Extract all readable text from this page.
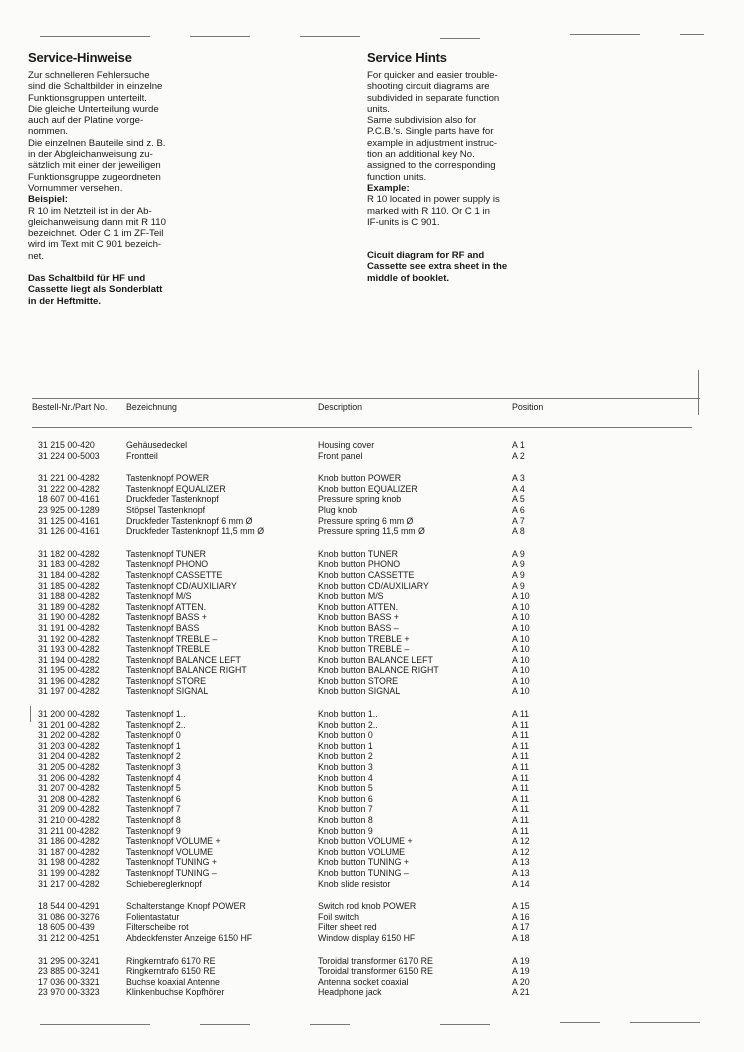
Service-Hinweise

Zur schnelleren Fehlersuche

sind die Schaltbilder in einzelne

Funktionsgruppen unterteilt.

Die gleiche Unterteilung wurde

auch auf der Platine vorge-

nommen.

Die einzelnen Bauteile sind z. B.

in der Abgleichanweisung zu-

sätzlich mit einer der jeweiligen

Funktionsgruppe zugeordneten

Vornummer versehen.

Beispiel:

R 10 im Netzteil ist in der Ab-

gleichanweisung dann mit R 110

bezeichnet. Oder C 1 im ZF-Teil

wird im Text mit C 901 bezeich-

net.

Das Schaltbild für HF und

Cassette liegt als Sonderblatt

in der Heftmitte.

Service Hints

For quicker and easier trouble-

shooting circuit diagrams are

subdivided in separate function

units.

Same subdivision also for

P.C.B.'s. Single parts have for

example in adjustment instruc-

tion an additional key No.

assigned to the corresponding

function units.

Example:

R 10 located in power supply is

marked with R 110. Or C 1 in

IF-units is C 901.

Cicuit diagram for RF and

Cassette see extra sheet in the

middle of booklet.

Bestell-Nr./Part No.	Bezeichnung	Description	Position

31 215 00-420	Gehäusedeckel	Housing cover	A 1
31 224 00-5003	Frontteil	Front panel	A 2

31 221 00-4282	Tastenknopf POWER	Knob button POWER	A 3
31 222 00-4282	Tastenknopf EQUALIZER	Knob button EQUALIZER	A 4
18 607 00-4161	Druckfeder Tastenknopf	Pressure spring knob	A 5
23 925 00-1289	Stöpsel Tastenknopf	Plug knob	A 6
31 125 00-4161	Druckfeder Tastenknopf 6 mm Ø	Pressure spring 6 mm Ø	A 7
31 126 00-4161	Druckfeder Tastenknopf 11,5 mm Ø	Pressure spring 11,5 mm Ø	A 8

31 182 00-4282	Tastenknopf TUNER	Knob button TUNER	A 9
31 183 00-4282	Tastenknopf PHONO	Knob button PHONO	A 9
31 184 00-4282	Tastenknopf CASSETTE	Knob button CASSETTE	A 9
31 185 00-4282	Tastenknopf CD/AUXILIARY	Knob button CD/AUXILIARY	A 9
31 188 00-4282	Tastenknopf M/S	Knob button M/S	A 10
31 189 00-4282	Tastenknopf ATTEN.	Knob button ATTEN.	A 10
31 190 00-4282	Tastenknopf BASS +	Knob button BASS +	A 10
31 191 00-4282	Tastenknopf BASS	Knob button BASS –	A 10
31 192 00-4282	Tastenknopf TREBLE –	Knob button TREBLE +	A 10
31 193 00-4282	Tastenknopf TREBLE	Knob button TREBLE –	A 10
31 194 00-4282	Tastenknopf BALANCE LEFT	Knob button BALANCE LEFT	A 10
31 195 00-4282	Tastenknopf BALANCE RIGHT	Knob button BALANCE RIGHT	A 10
31 196 00-4282	Tastenknopf STORE	Knob button STORE	A 10
31 197 00-4282	Tastenknopf SIGNAL	Knob button SIGNAL	A 10

31 200 00-4282	Tastenknopf 1..	Knob button 1..	A 11
31 201 00-4282	Tastenknopf 2..	Knob button 2..	A 11
31 202 00-4282	Tastenknopf 0	Knob button 0	A 11
31 203 00-4282	Tastenknopf 1	Knob button 1	A 11
31 204 00-4282	Tastenknopf 2	Knob button 2	A 11
31 205 00-4282	Tastenknopf 3	Knob button 3	A 11
31 206 00-4282	Tastenknopf 4	Knob button 4	A 11
31 207 00-4282	Tastenknopf 5	Knob button 5	A 11
31 208 00-4282	Tastenknopf 6	Knob button 6	A 11
31 209 00-4282	Tastenknopf 7	Knob button 7	A 11
31 210 00-4282	Tastenknopf 8	Knob button 8	A 11
31 211 00-4282	Tastenknopf 9	Knob button 9	A 11
31 186 00-4282	Tastenknopf VOLUME +	Knob button VOLUME +	A 12
31 187 00-4282	Tastenknopf VOLUME	Knob button VOLUME	A 12
31 198 00-4282	Tastenknopf TUNING +	Knob button TUNING +	A 13
31 199 00-4282	Tastenknopf TUNING –	Knob button TUNING –	A 13
31 217 00-4282	Schiebereglerknopf	Knob slide resistor	A 14

18 544 00-4291	Schalterstange Knopf POWER	Switch rod knob POWER	A 15
31 086 00-3276	Folientastatur	Foil switch	A 16
18 605 00-439	Filterscheibe rot	Filter sheet red	A 17
31 212 00-4251	Abdeckfenster Anzeige 6150 HF	Window display 6150 HF	A 18

31 295 00-3241	Ringkerntrafo 6170 RE	Toroidal transformer 6170 RE	A 19
23 885 00-3241	Ringkerntrafo 6150 RE	Toroidal transformer 6150 RE	A 19
17 036 00-3321	Buchse koaxial Antenne	Antenna socket coaxial	A 20
23 970 00-3323	Klinkenbuchse Kopfhörer	Headphone jack	A 21
